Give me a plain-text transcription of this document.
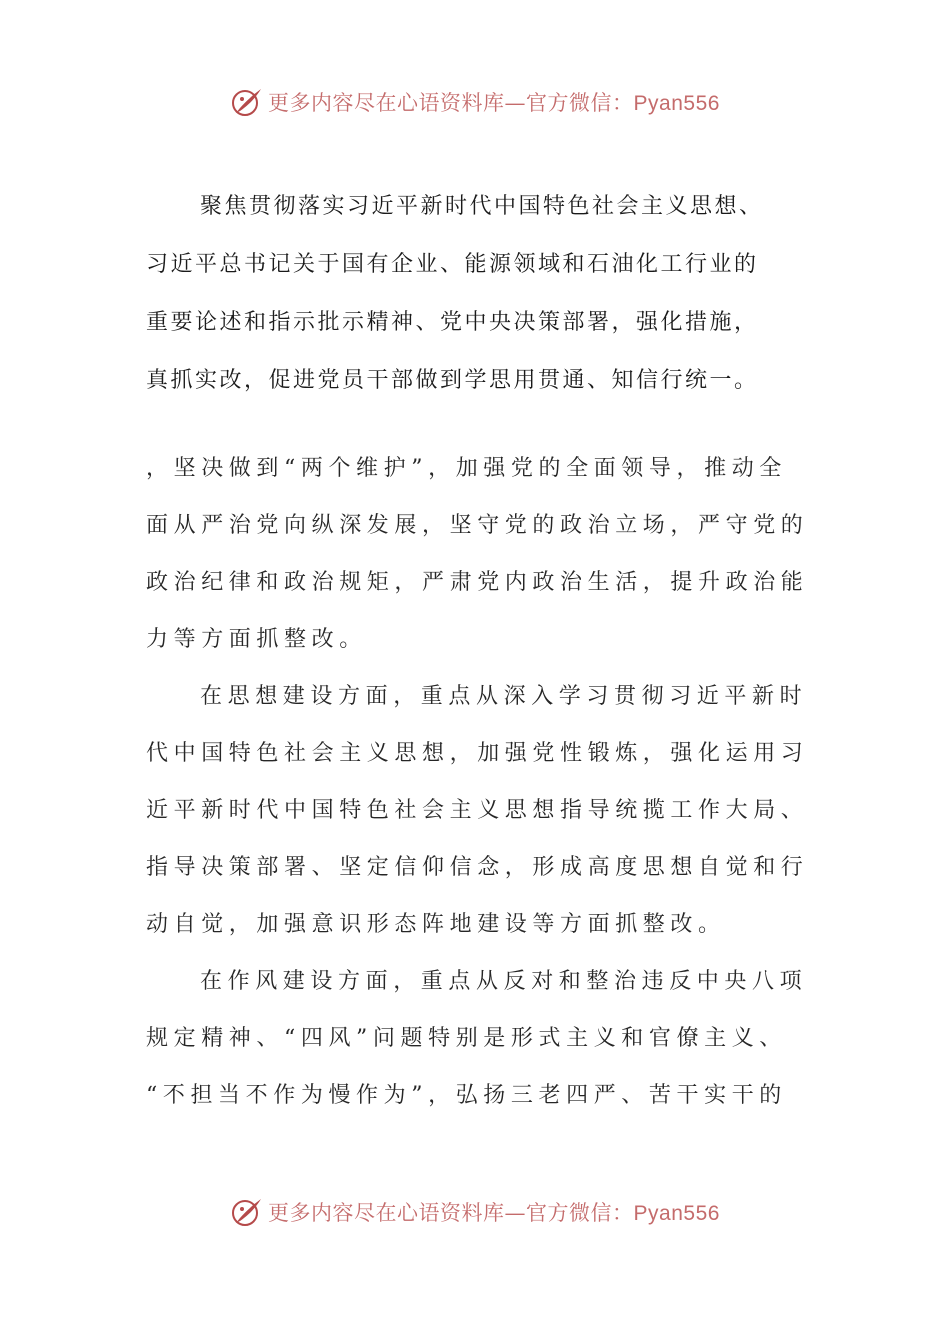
更多内容尽在心语资料库—官方微信：Pyan556
聚焦贯彻落实习近平新时代中国特色社会主义思想、
习近平总书记关于国有企业、能源领域和石油化工行业的
重要论述和指示批示精神、党中央决策部署，强化措施，
真抓实改，促进党员干部做到学思用贯通、知信行统一。
，坚决做到“两个维护”，加强党的全面领导，推动全
面从严治党向纵深发展，坚守党的政治立场，严守党的
政治纪律和政治规矩，严肃党内政治生活，提升政治能
力等方面抓整改。
在思想建设方面，重点从深入学习贯彻习近平新时
代中国特色社会主义思想，加强党性锻炼，强化运用习
近平新时代中国特色社会主义思想指导统揽工作大局、
指导决策部署、坚定信仰信念，形成高度思想自觉和行
动自觉，加强意识形态阵地建设等方面抓整改。
在作风建设方面，重点从反对和整治违反中央八项
规定精神、“四风”问题特别是形式主义和官僚主义、
“不担当不作为慢作为”，弘扬三老四严、苦干实干的
更多内容尽在心语资料库—官方微信：Pyan556
